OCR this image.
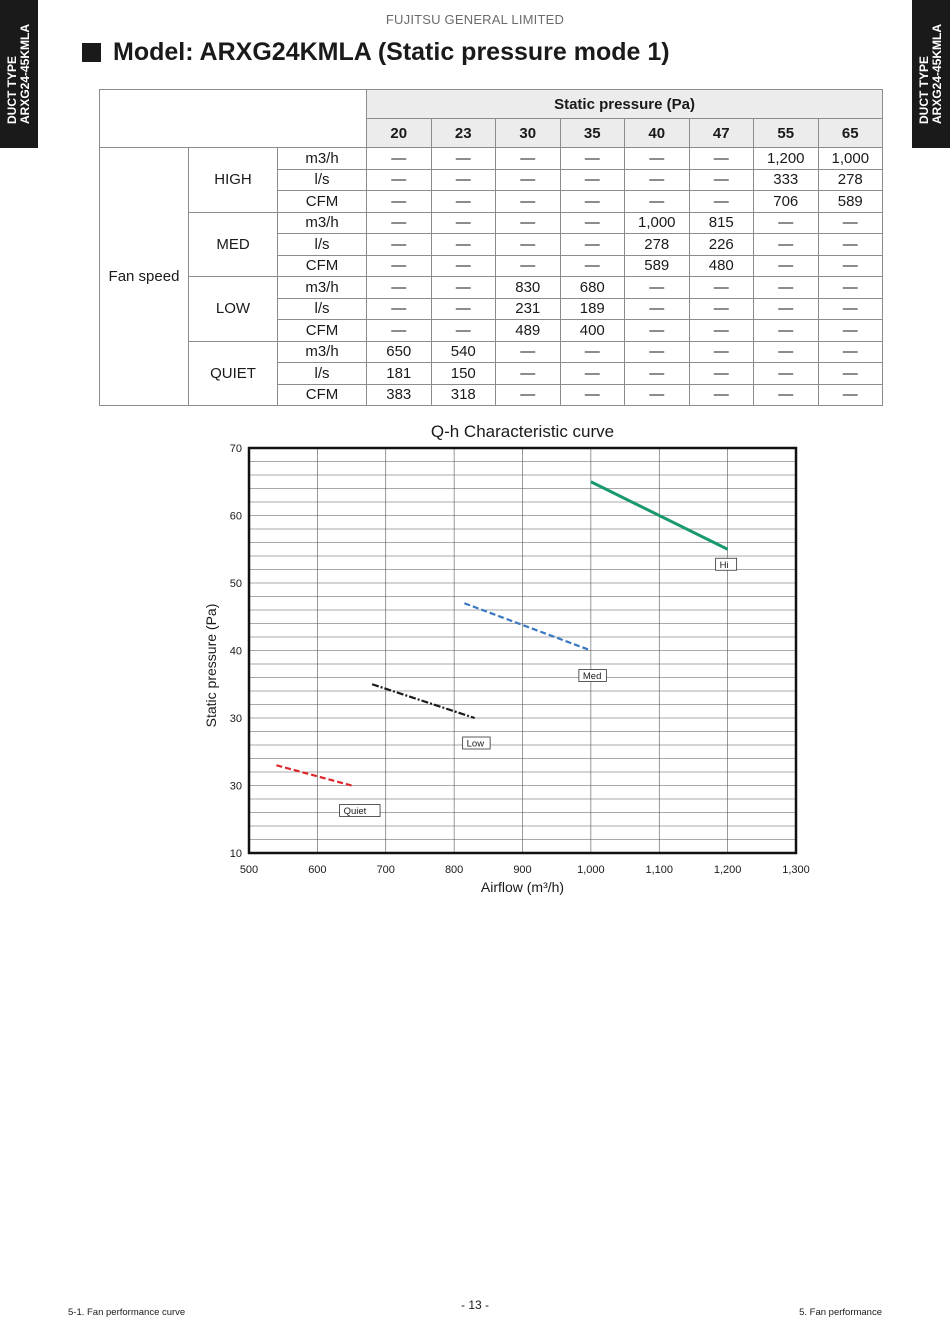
DUCT TYPE ARXG24-45KMLA	DUCT TYPE ARXG24-45KMLA
FUJITSU GENERAL LIMITED
Model: ARXG24KMLA (Static pressure mode 1)
			Static pressure (Pa)							
			20	23	30	35	40	47	55	65
Fan speed	HIGH	m3/h	—	—	—	—	—	—	1,200	1,000
		l/s	—	—	—	—	—	—	333	278
		CFM	—	—	—	—	—	—	706	589
	MED	m3/h	—	—	—	—	1,000	815	—	—
		l/s	—	—	—	—	278	226	—	—
		CFM	—	—	—	—	589	480	—	—
	LOW	m3/h	—	—	830	680	—	—	—	—
		l/s	—	—	231	189	—	—	—	—
		CFM	—	—	489	400	—	—	—	—
	QUIET	m3/h	650	540	—	—	—	—	—	—
		l/s	181	150	—	—	—	—	—	—
		CFM	383	318	—	—	—	—	—	—
Q-h Characteristic curve
500	600	700	800	900	1,000	1,100	1,200	1,300
10
30
30
40
50
60
70
Airflow (m³/h)
Static pressure (Pa)
Hi
Med
Low
Quiet
5-1. Fan performance curve
- 13 -
5. Fan performance
